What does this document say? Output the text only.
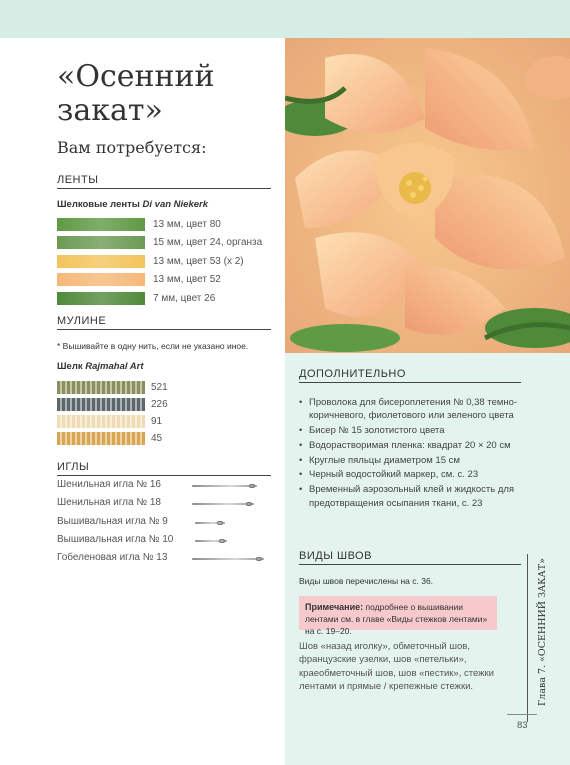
«Осенний закат»
Вам потребуется:
ЛЕНТЫ
Шелковые ленты Di van Niekerk
13 мм, цвет 80
15 мм, цвет 24, органза
13 мм, цвет 53 (x 2)
13 мм, цвет 52
7 мм, цвет 26
МУЛИНЕ
* Вышивайте в одну нить, если не указано иное.
Шелк Rajmahal Art
521
226
91
45
ИГЛЫ
Шенильная игла № 16
Шенильная игла № 18
Вышивальная игла № 9
Вышивальная игла № 10
Гобеленовая игла № 13
ДОПОЛНИТЕЛЬНО
• Проволока для бисероплетения № 0,38 темно-коричневого, фиолетового или зеленого цвета
• Бисер № 15 золотистого цвета
• Водорастворимая пленка: квадрат 20 × 20 см
• Круглые пяльцы диаметром 15 см
• Черный водостойкий маркер, см. с. 23
• Временный аэрозольный клей и жидкость для предотвращения осыпания ткани, с. 23
ВИДЫ ШВОВ
Виды швов перечислены на с. 36.
Примечание: подробнее о вышивании лентами см. в главе «Виды стежков лентами» на с. 19–20.
Шов «назад иголку», обметочный шов, французские узелки, шов «петельки», краеобметочный шов, шов «пестик», стежки лентами и прямые / крепежные стежки.	Глава 7. «ОСЕННИЙ ЗАКАТ»
83
